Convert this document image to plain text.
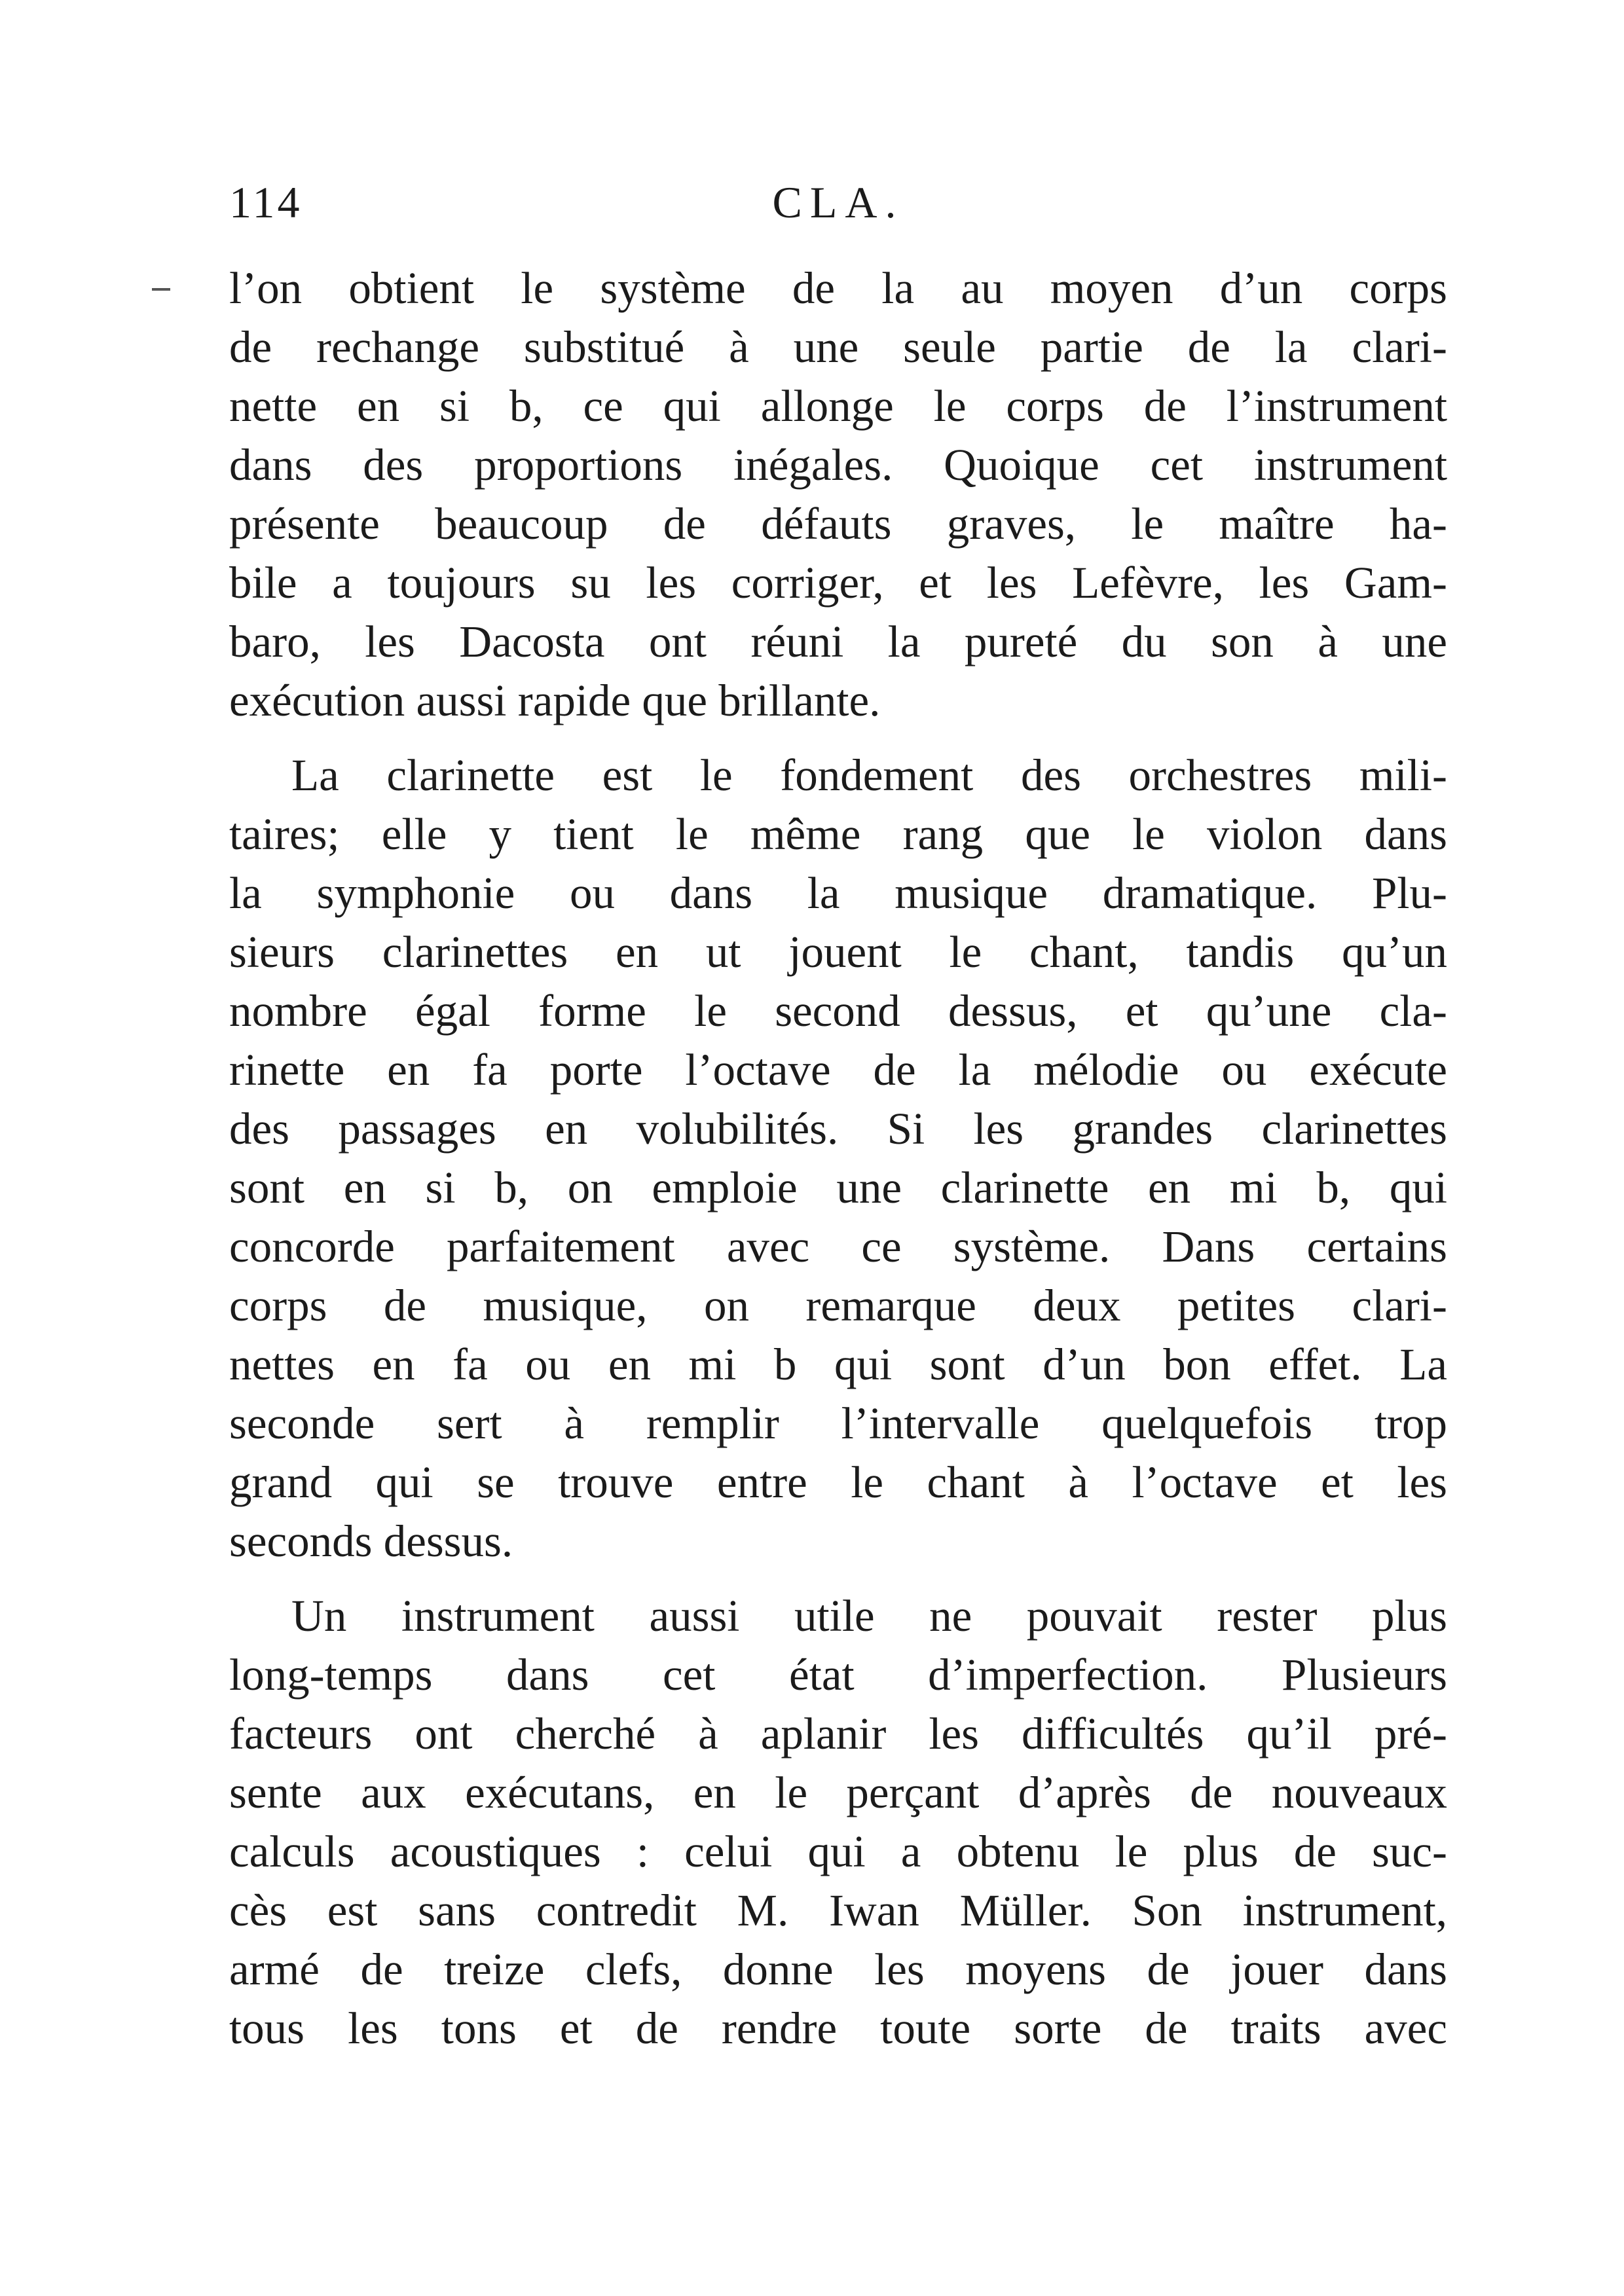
114	CLA.
l’on obtient le système de la au moyen d’un corps
de rechange substitué à une seule partie de la clari-
nette en si b, ce qui allonge le corps de l’instrument
dans des proportions inégales. Quoique cet instrument
présente beaucoup de défauts graves, le maître ha-
bile a toujours su les corriger, et les Lefèvre, les Gam-
baro, les Dacosta ont réuni la pureté du son à une
exécution aussi rapide que brillante.
La clarinette est le fondement des orchestres mili-
taires; elle y tient le même rang que le violon dans
la symphonie ou dans la musique dramatique. Plu-
sieurs clarinettes en ut jouent le chant, tandis qu’un
nombre égal forme le second dessus, et qu’une cla-
rinette en fa porte l’octave de la mélodie ou exécute
des passages en volubilités. Si les grandes clarinettes
sont en si b, on emploie une clarinette en mi b, qui
concorde parfaitement avec ce système. Dans certains
corps de musique, on remarque deux petites clari-
nettes en fa ou en mi b qui sont d’un bon effet. La
seconde sert à remplir l’intervalle quelquefois trop
grand qui se trouve entre le chant à l’octave et les
seconds dessus.
Un instrument aussi utile ne pouvait rester plus
long-temps dans cet état d’imperfection. Plusieurs
facteurs ont cherché à aplanir les difficultés qu’il pré-
sente aux exécutans, en le perçant d’après de nouveaux
calculs acoustiques : celui qui a obtenu le plus de suc-
cès est sans contredit M. Iwan Müller. Son instrument,
armé de treize clefs, donne les moyens de jouer dans
tous les tons et de rendre toute sorte de traits avec
